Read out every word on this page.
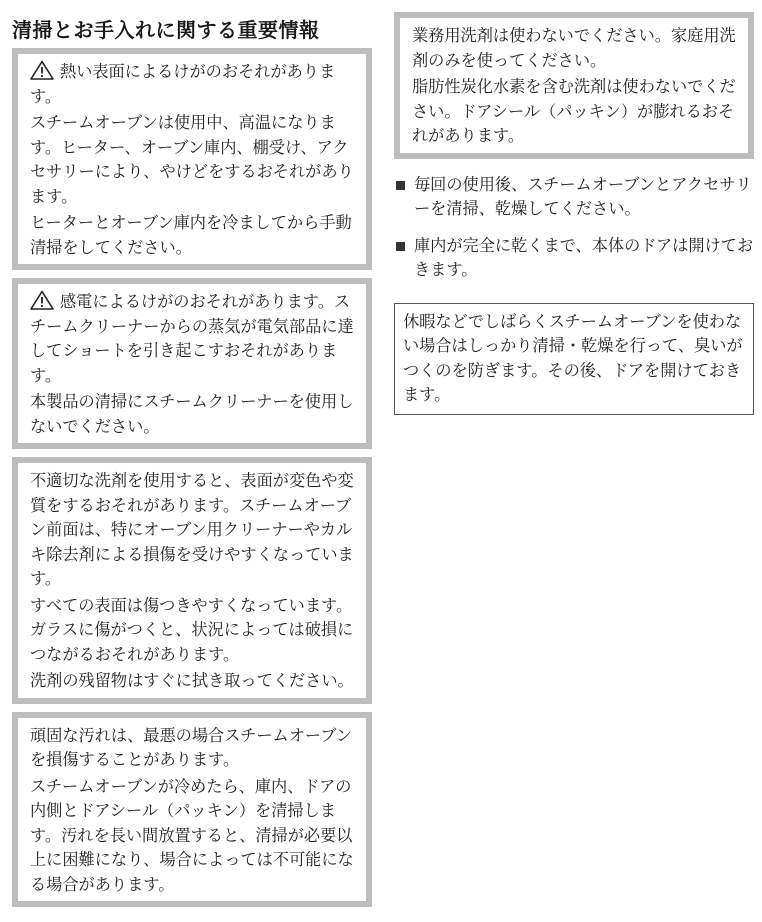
清掃とお手入れに関する重要情報

熱い表面によるけがのおそれがあります。

スチームオーブンは使用中、高温になります。ヒーター、オーブン庫内、棚受け、アクセサリーにより、やけどをするおそれがあります。

ヒーターとオーブン庫内を冷ましてから手動清掃をしてください。

感電によるけがのおそれがあります。スチームクリーナーからの蒸気が電気部品に達してショートを引き起こすおそれがあります。

本製品の清掃にスチームクリーナーを使用しないでください。

不適切な洗剤を使用すると、表面が変色や変質をするおそれがあります。スチームオーブン前面は、特にオーブン用クリーナーやカルキ除去剤による損傷を受けやすくなっています。

すべての表面は傷つきやすくなっています。ガラスに傷がつくと、状況によっては破損につながるおそれがあります。

洗剤の残留物はすぐに拭き取ってください。

頑固な汚れは、最悪の場合スチームオーブンを損傷することがあります。

スチームオーブンが冷めたら、庫内、ドアの内側とドアシール（パッキン）を清掃します。汚れを長い間放置すると、清掃が必要以上に困難になり、場合によっては不可能になる場合があります。

業務用洗剤は使わないでください。家庭用洗剤のみを使ってください。

脂肪性炭化水素を含む洗剤は使わないでください。ドアシール（パッキン）が膨れるおそれがあります。

毎回の使用後、スチームオーブンとアクセサリーを清掃、乾燥してください。
庫内が完全に乾くまで、本体のドアは開けておきます。
休暇などでしばらくスチームオーブンを使わない場合はしっかり清掃・乾燥を行って、臭いがつくのを防ぎます。その後、ドアを開けておきます。
